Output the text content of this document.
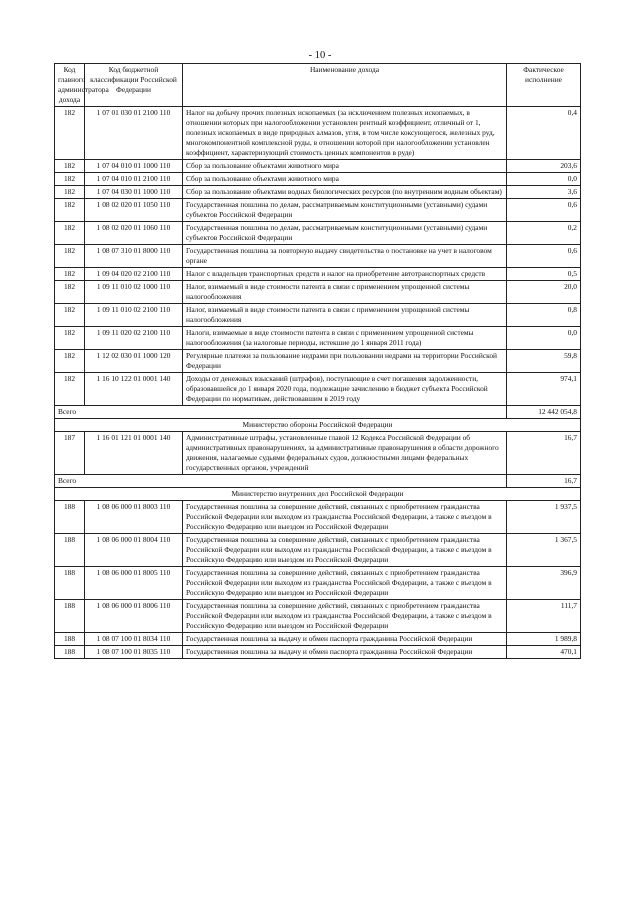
- 10 -
Код главного администратора дохода	Код бюджетной классификации Российской Федерации	Наименование дохода	Фактическое исполнение
182	1 07 01 030 01 2100 110	Налог на добычу прочих полезных ископаемых (за исключением полезных ископаемых, в отношении которых при налогообложении установлен рентный коэффициент, отличный от 1, полезных ископаемых в виде природных алмазов, угля, в том числе коксующегося, железных руд, многокомпонентной комплексной руды, в отношении которой при налогообложении установлен коэффициент, характеризующий стоимость ценных компонентов в руде)	0,4
182	1 07 04 010 01 1000 110	Сбор за пользование объектами животного мира	203,6
182	1 07 04 010 01 2100 110	Сбор за пользование объектами животного мира	0,0
182	1 07 04 030 01 1000 110	Сбор за пользование объектами водных биологических ресурсов (по внутренним водным объектам)	3,6
182	1 08 02 020 01 1050 110	Государственная пошлина по делам, рассматриваемым конституционными (уставными) судами субъектов Российской Федерации	0,6
182	1 08 02 020 01 1060 110	Государственная пошлина по делам, рассматриваемым конституционными (уставными) судами субъектов Российской Федерации	0,2
182	1 08 07 310 01 8000 110	Государственная пошлина за повторную выдачу свидетельства о постановке на учет в налоговом органе	0,6
182	1 09 04 020 02 2100 110	Налог с владельцев транспортных средств и налог на приобретение автотранспортных средств	0,5
182	1 09 11 010 02 1000 110	Налог, взимаемый в виде стоимости патента в связи с применением упрощенной системы налогообложения	20,0
182	1 09 11 010 02 2100 110	Налог, взимаемый в виде стоимости патента в связи с применением упрощенной системы налогообложения	0,8
182	1 09 11 020 02 2100 110	Налоги, взимаемые в виде стоимости патента в связи с применением упрощенной системы налогообложения (за налоговые периоды, истекшие до 1 января 2011 года)	0,0
182	1 12 02 030 01 1000 120	Регулярные платежи за пользование недрами при пользовании недрами на территории Российской Федерации	59,8
182	1 16 10 122 01 0001 140	Доходы от денежных взысканий (штрафов), поступающие в счет погашения задолженности, образовавшейся до 1 января 2020 года, подлежащие зачислению в бюджет субъекта Российской Федерации по нормативам, действовавшим в 2019 году	974,1
Всего			12 442 054,8
Министерство обороны Российской Федерации			
187	1 16 01 121 01 0001 140	Административные штрафы, установленные главой 12 Кодекса Российской Федерации об административных правонарушениях, за административные правонарушения в области дорожного движения, налагаемые судьями федеральных судов, должностными лицами федеральных государственных органов, учреждений	16,7
Всего			16,7
Министерство внутренних дел Российской Федерации			
188	1 08 06 000 01 8003 110	Государственная пошлина за совершение действий, связанных с приобретением гражданства Российской Федерации или выходом из гражданства Российской Федерации, а также с въездом в Российскую Федерацию или выездом из Российской Федерации	1 937,5
188	1 08 06 000 01 8004 110	Государственная пошлина за совершение действий, связанных с приобретением гражданства Российской Федерации или выходом из гражданства Российской Федерации, а также с въездом в Российскую Федерацию или выездом из Российской Федерации	1 367,5
188	1 08 06 000 01 8005 110	Государственная пошлина за совершение действий, связанных с приобретением гражданства Российской Федерации или выходом из гражданства Российской Федерации, а также с въездом в Российскую Федерацию или выездом из Российской Федерации	396,9
188	1 08 06 000 01 8006 110	Государственная пошлина за совершение действий, связанных с приобретением гражданства Российской Федерации или выходом из гражданства Российской Федерации, а также с въездом в Российскую Федерацию или выездом из Российской Федерации	111,7
188	1 08 07 100 01 8034 110	Государственная пошлина за выдачу и обмен паспорта гражданина Российской Федерации	1 989,8
188	1 08 07 100 01 8035 110	Государственная пошлина за выдачу и обмен паспорта гражданина Российской Федерации	470,1
